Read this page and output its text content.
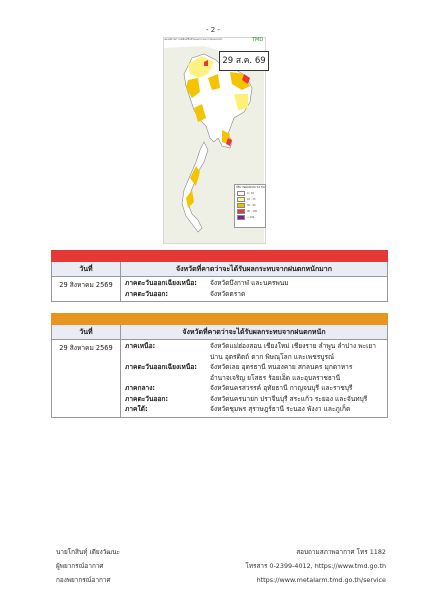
- 2 -
แผนที่คาดการณ์พื้นที่ที่ได้รับผลกระทบจากฝนตกหนัก	TMD
29 ส.ค. 69
ปริมาณฝนสะสม 24 ชม.
0 - 10
10 - 35
35 - 90
90 - 150
> 150
วันที่	จังหวัดที่คาดว่าจะได้รับผลกระทบจากฝนตกหนักมาก
29 สิงหาคม 2569	ภาคตะวันออกเฉียงเหนือ:	จังหวัดบึงกาฬ และนครพนม
ภาคตะวันออก:	จังหวัดตราด
วันที่	จังหวัดที่คาดว่าจะได้รับผลกระทบจากฝนตกหนัก
29 สิงหาคม 2569	ภาคเหนือ:	จังหวัดแม่ฮ่องสอน เชียงใหม่ เชียงราย ลำพูน ลำปาง พะเยา
น่าน อุตรดิตถ์ ตาก พิษณุโลก และเพชรบูรณ์
ภาคตะวันออกเฉียงเหนือ:	จังหวัดเลย อุดรธานี หนองคาย สกลนคร มุกดาหาร
อำนาจเจริญ ยโสธร ร้อยเอ็ด และอุบลราชธานี
ภาคกลาง:	จังหวัดนครสวรรค์ อุทัยธานี กาญจนบุรี และราชบุรี
ภาคตะวันออก:	จังหวัดนครนายก ปราจีนบุรี สระแก้ว ระยอง และจันทบุรี
ภาคใต้:	จังหวัดชุมพร สุราษฎร์ธานี ระนอง พังงา และภูเก็ต
นายโกสินทุ์ เดียงวัฒนะ
ผู้พยากรณ์อากาศ
กองพยากรณ์อากาศ
สอบถามสภาพอากาศ โทร 1182
โทรสาร 0-2399-4012, https://www.tmd.go.th
https://www.metalarm.tmd.go.th/service
